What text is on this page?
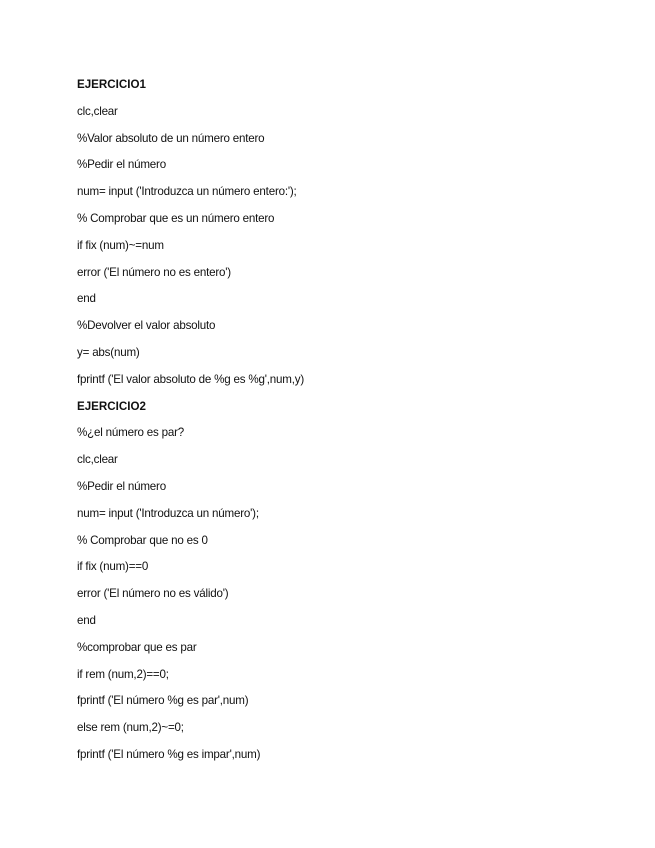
EJERCICIO1
clc,clear
%Valor absoluto de un número entero
%Pedir el número
num= input ('Introduzca un número entero:');
% Comprobar que es un número entero
if fix (num)~=num
error ('El número no es entero')
end
%Devolver el valor absoluto
y= abs(num)
fprintf ('El valor absoluto de %g es %g',num,y)
EJERCICIO2
%¿el número es par?
clc,clear
%Pedir el número
num= input ('Introduzca un número');
% Comprobar que no es 0
if fix (num)==0
error ('El número no es válido')
end
%comprobar que es par
if rem (num,2)==0;
fprintf ('El número %g es par',num)
else rem (num,2)~=0;
fprintf ('El número %g es impar',num)
